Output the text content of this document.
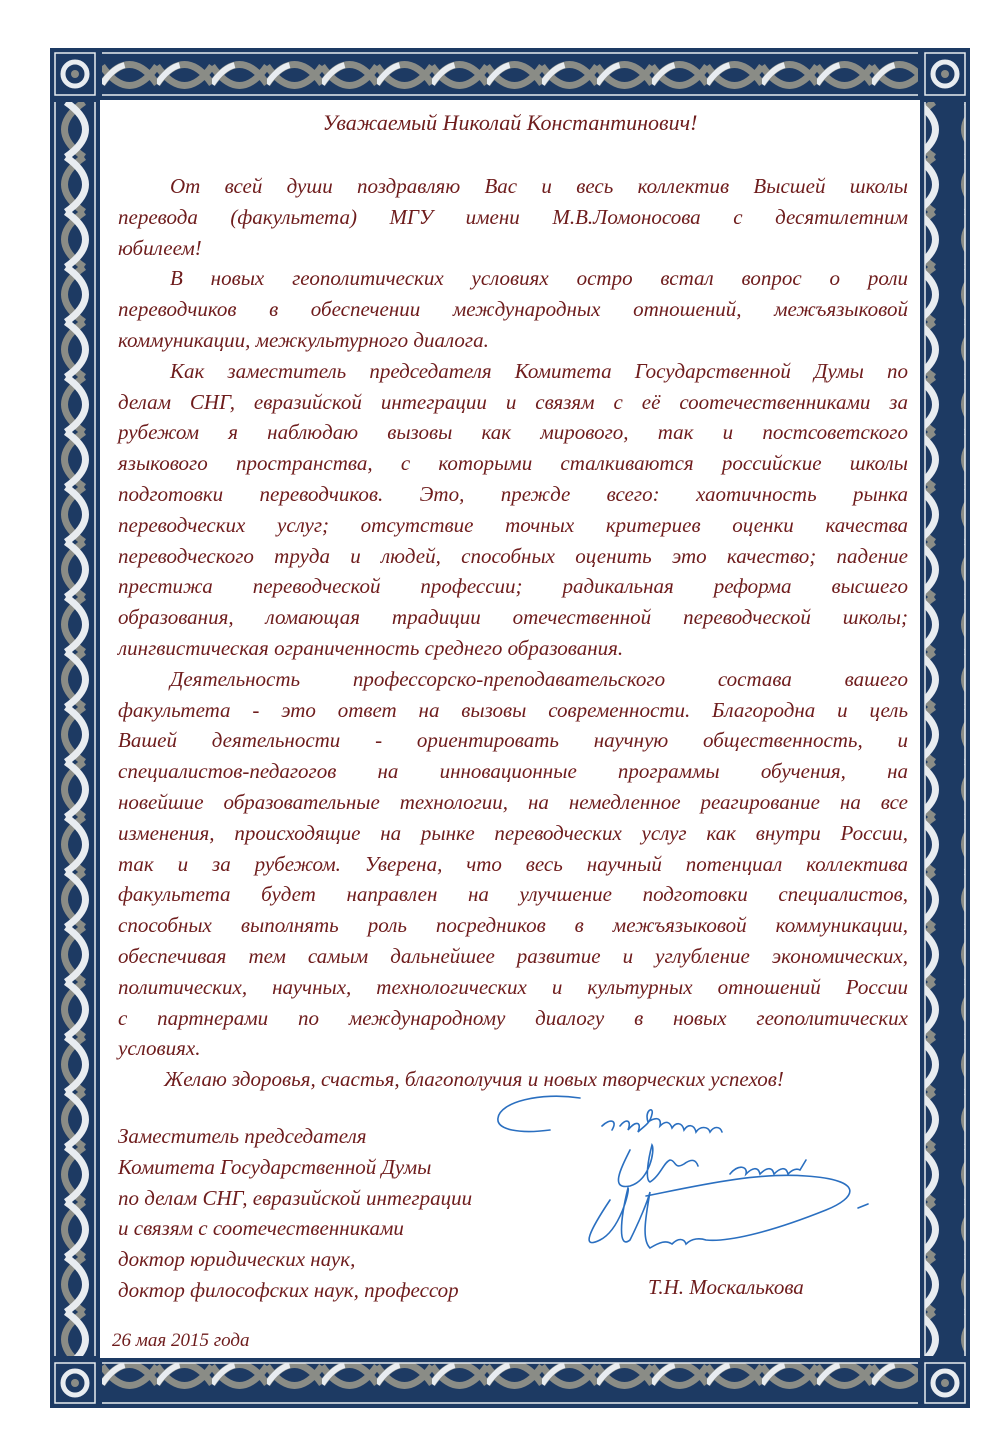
Уважаемый Николай Константинович!
От всей души поздравляю Вас и весь коллектив Высшей школы
перевода (факультета) МГУ имени М.В.Ломоносова с десятилетним
юбилеем!
В новых геополитических условиях остро встал вопрос о роли
переводчиков в обеспечении международных отношений, межъязыковой
коммуникации, межкультурного диалога.
Как заместитель председателя Комитета Государственной Думы по
делам СНГ, евразийской интеграции и связям с её соотечественниками за
рубежом я наблюдаю вызовы как мирового, так и постсоветского
языкового пространства, с которыми сталкиваются российские школы
подготовки переводчиков. Это, прежде всего: хаотичность рынка
переводческих услуг; отсутствие точных критериев оценки качества
переводческого труда и людей, способных оценить это качество; падение
престижа переводческой профессии; радикальная реформа высшего
образования, ломающая традиции отечественной переводческой школы;
лингвистическая ограниченность среднего образования.
Деятельность профессорско-преподавательского состава вашего
факультета - это ответ на вызовы современности. Благородна и цель
Вашей деятельности - ориентировать научную общественность, и
специалистов-педагогов на инновационные программы обучения, на
новейшие образовательные технологии, на немедленное реагирование на все
изменения, происходящие на рынке переводческих услуг как внутри России,
так и за рубежом. Уверена, что весь научный потенциал коллектива
факультета будет направлен на улучшение подготовки специалистов,
способных выполнять роль посредников в межъязыковой коммуникации,
обеспечивая тем самым дальнейшее развитие и углубление экономических,
политических, научных, технологических и культурных отношений России
с партнерами по международному диалогу в новых геополитических
условиях.
Желаю здоровья, счастья, благополучия и новых творческих успехов!
Заместитель председателя
Комитета Государственной Думы
по делам СНГ, евразийской интеграции
и связям с соотечественниками
доктор юридических наук,
доктор философских наук, профессор	Т.Н. Москалькова
26 мая 2015 года
